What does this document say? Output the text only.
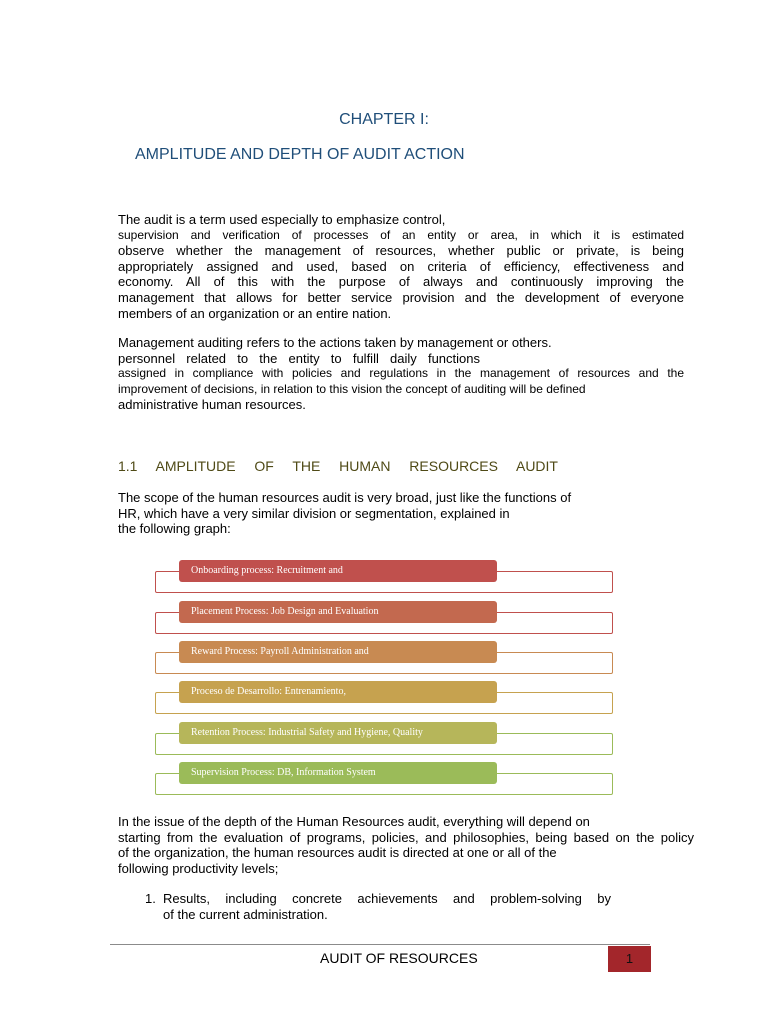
CHAPTER I:
AMPLITUDE AND DEPTH OF AUDIT ACTION
The audit is a term used especially to emphasize control,
supervision and verification of processes of an entity or area, in which it is estimated
observe whether the management of resources, whether public or private, is being
appropriately assigned and used, based on criteria of efficiency, effectiveness and
economy. All of this with the purpose of always and continuously improving the
management that allows for better service provision and the development of everyone
members of an organization or an entire nation.
Management auditing refers to the actions taken by management or others.
personnel related to the entity to fulfill daily functions
assigned in compliance with policies and regulations in the management of resources and the
improvement of decisions, in relation to this vision the concept of auditing will be defined
administrative human resources.
1.1 AMPLITUDE OF THE HUMAN RESOURCES AUDIT
The scope of the human resources audit is very broad, just like the functions of
HR, which have a very similar division or segmentation, explained in
the following graph:
Onboarding process: Recruitment and
Placement Process: Job Design and Evaluation
Reward Process: Payroll Administration and
Proceso de Desarrollo: Entrenamiento,
Retention Process: Industrial Safety and Hygiene, Quality
Supervision Process: DB, Information System
In the issue of the depth of the Human Resources audit, everything will depend on
starting from the evaluation of programs, policies, and philosophies, being based on the policy
of the organization, the human resources audit is directed at one or all of the
following productivity levels;
1. Results, including concrete achievements and problem-solving by
of the current administration.
AUDIT OF RESOURCES	1
